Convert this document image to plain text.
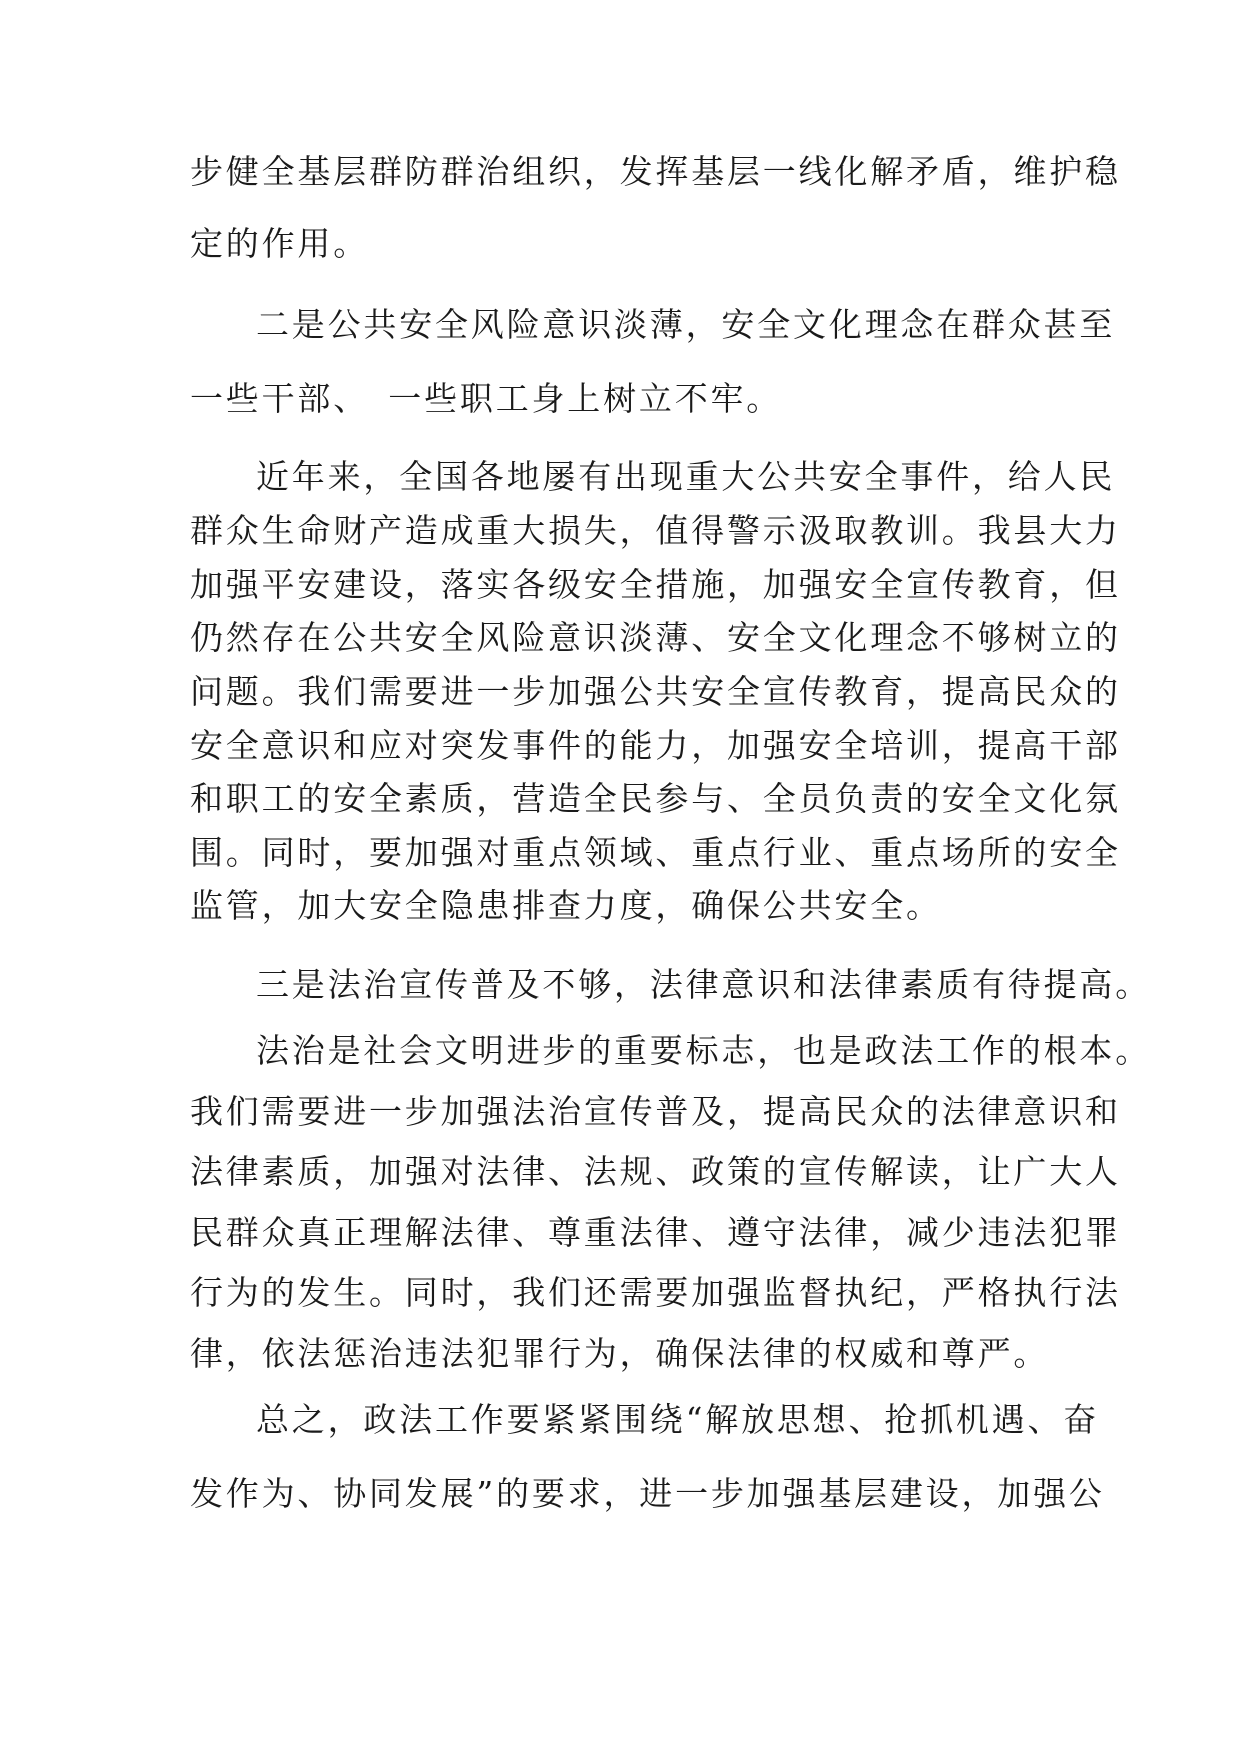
步健全基层群防群治组织，发挥基层一线化解矛盾，维护稳
定的作用。
二是公共安全风险意识淡薄，安全文化理念在群众甚至
一些干部、　一些职工身上树立不牢。
近年来，全国各地屡有出现重大公共安全事件，给人民
群众生命财产造成重大损失，值得警示汲取教训。我县大力
加强平安建设，落实各级安全措施，加强安全宣传教育，但
仍然存在公共安全风险意识淡薄、安全文化理念不够树立的
问题。我们需要进一步加强公共安全宣传教育，提高民众的
安全意识和应对突发事件的能力，加强安全培训，提高干部
和职工的安全素质，营造全民参与、全员负责的安全文化氛
围。同时，要加强对重点领域、重点行业、重点场所的安全
监管，加大安全隐患排查力度，确保公共安全。
三是法治宣传普及不够，法律意识和法律素质有待提高。
法治是社会文明进步的重要标志，也是政法工作的根本。
我们需要进一步加强法治宣传普及，提高民众的法律意识和
法律素质，加强对法律、法规、政策的宣传解读，让广大人
民群众真正理解法律、尊重法律、遵守法律，减少违法犯罪
行为的发生。同时，我们还需要加强监督执纪，严格执行法
律，依法惩治违法犯罪行为，确保法律的权威和尊严。
总之，政法工作要紧紧围绕“解放思想、抢抓机遇、奋
发作为、协同发展”的要求，进一步加强基层建设，加强公
